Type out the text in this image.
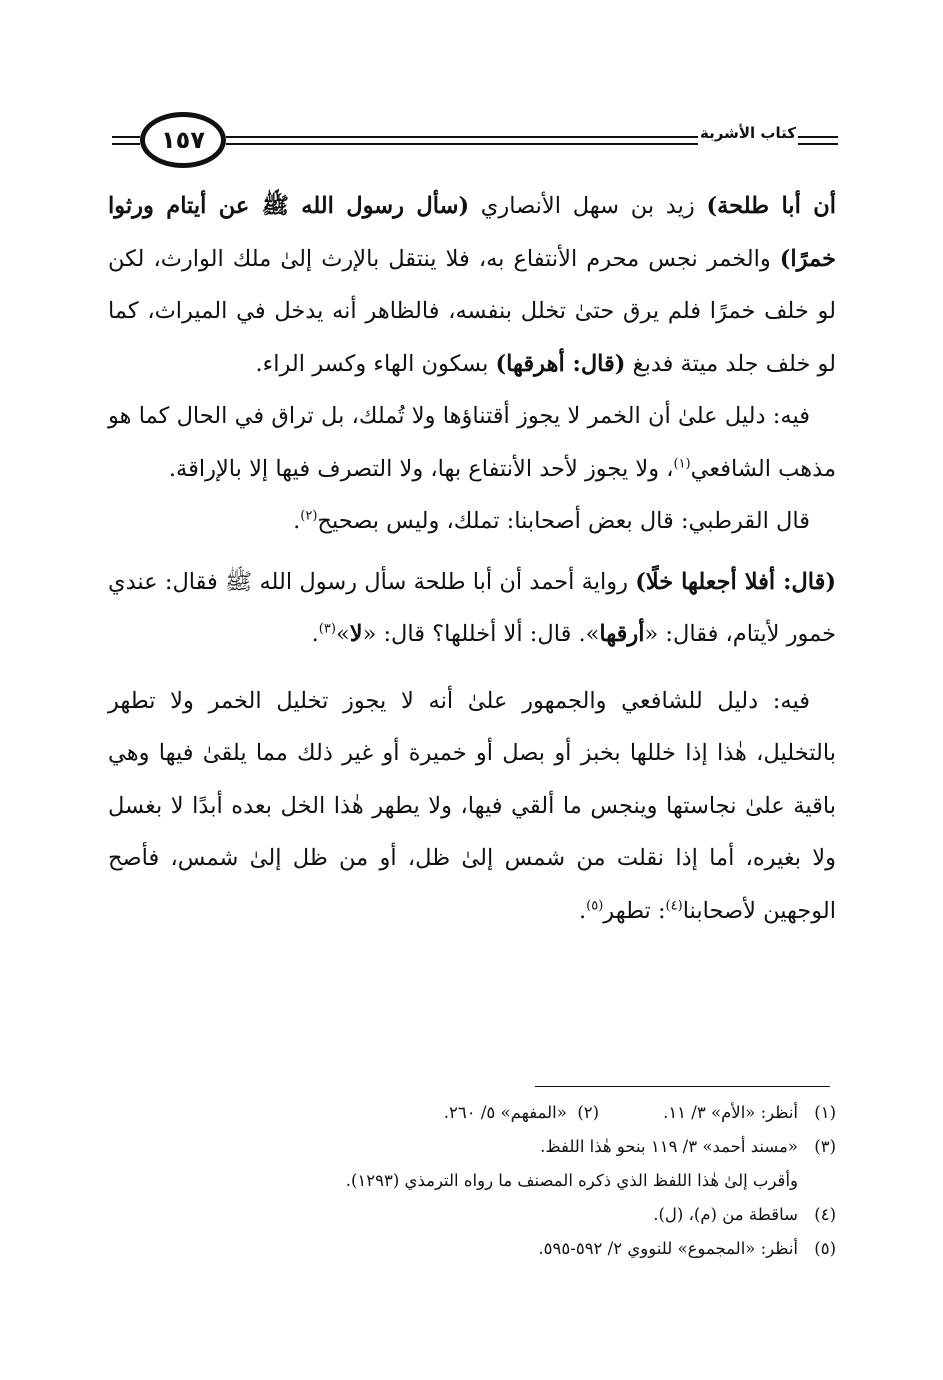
١٥٧	كتاب الأشربة

أن أبا طلحة) زيد بن سهل الأنصاري (سأل رسول الله ﷺ عن أيتام ورثوا خمرًا) والخمر نجس محرم الأنتفاع به، فلا ينتقل بالإرث إلىٰ ملك الوارث، لكن لو خلف خمرًا فلم يرق حتىٰ تخلل بنفسه، فالظاهر أنه يدخل في الميراث، كما لو خلف جلد ميتة فدبغ (قال: أهرقها) بسكون الهاء وكسر الراء.

فيه: دليل علىٰ أن الخمر لا يجوز أقتناؤها ولا تُملك، بل تراق في الحال كما هو مذهب الشافعي$^{(١)}$، ولا يجوز لأحد الأنتفاع بها، ولا التصرف فيها إلا بالإراقة.

قال القرطبي: قال بعض أصحابنا: تملك، وليس بصحيح$^{(٢)}$.

(قال: أفلا أجعلها خلًا) رواية أحمد أن أبا طلحة سأل رسول الله ﷺ فقال: عندي خمور لأيتام، فقال: «أرقها». قال: ألا أخللها؟ قال: «لا»$^{(٣)}$.

فيه: دليل للشافعي والجمهور علىٰ أنه لا يجوز تخليل الخمر ولا تطهر بالتخليل، هٰذا إذا خللها بخبز أو بصل أو خميرة أو غير ذلك مما يلقىٰ فيها وهي باقية علىٰ نجاستها وينجس ما ألقي فيها، ولا يطهر هٰذا الخل بعده أبدًا لا بغسل ولا بغيره، أما إذا نقلت من شمس إلىٰ ظل، أو من ظل إلىٰ شمس، فأصح الوجهين لأصحابنا$^{(٤)}$: تطهر$^{(٥)}$.

(١)أنظر: «الأم» ٣/ ١١.(٢)  «المفهم» ٥/ ٢٦٠.
(٣)«مسند أحمد» ٣/ ١١٩ بنحو هٰذا اللفظ.
وأقرب إلىٰ هٰذا اللفظ الذي ذكره المصنف ما رواه الترمذي (١٢٩٣).
(٤)ساقطة من (م)، (ل).
(٥)أنظر: «المجموع» للنووي ٢/ ٥٩٢-٥٩٥.
